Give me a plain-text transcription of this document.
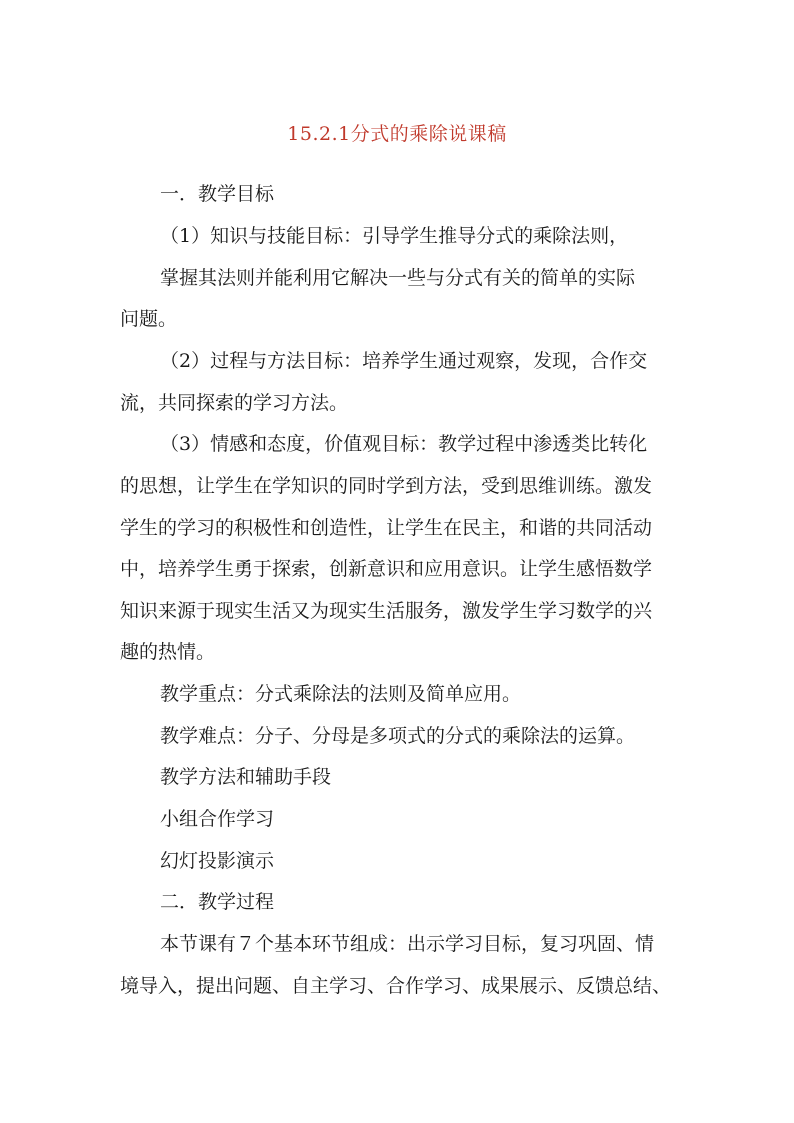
15.2.1分式的乘除说课稿
一．教学目标
（1）知识与技能目标：引导学生推导分式的乘除法则，
掌握其法则并能利用它解决一些与分式有关的简单的实际
问题。
（2）过程与方法目标：培养学生通过观察，发现，合作交
流，共同探索的学习方法。
（3）情感和态度，价值观目标：教学过程中渗透类比转化
的思想，让学生在学知识的同时学到方法，受到思维训练。激发
学生的学习的积极性和创造性，让学生在民主，和谐的共同活动
中，培养学生勇于探索，创新意识和应用意识。让学生感悟数学
知识来源于现实生活又为现实生活服务，激发学生学习数学的兴
趣的热情。
教学重点：分式乘除法的法则及简单应用。
教学难点：分子、分母是多项式的分式的乘除法的运算。
教学方法和辅助手段
小组合作学习
幻灯投影演示
二．教学过程
本节课有７个基本环节组成：出示学习目标，复习巩固、情
境导入，提出问题、自主学习、合作学习、成果展示、反馈总结、
